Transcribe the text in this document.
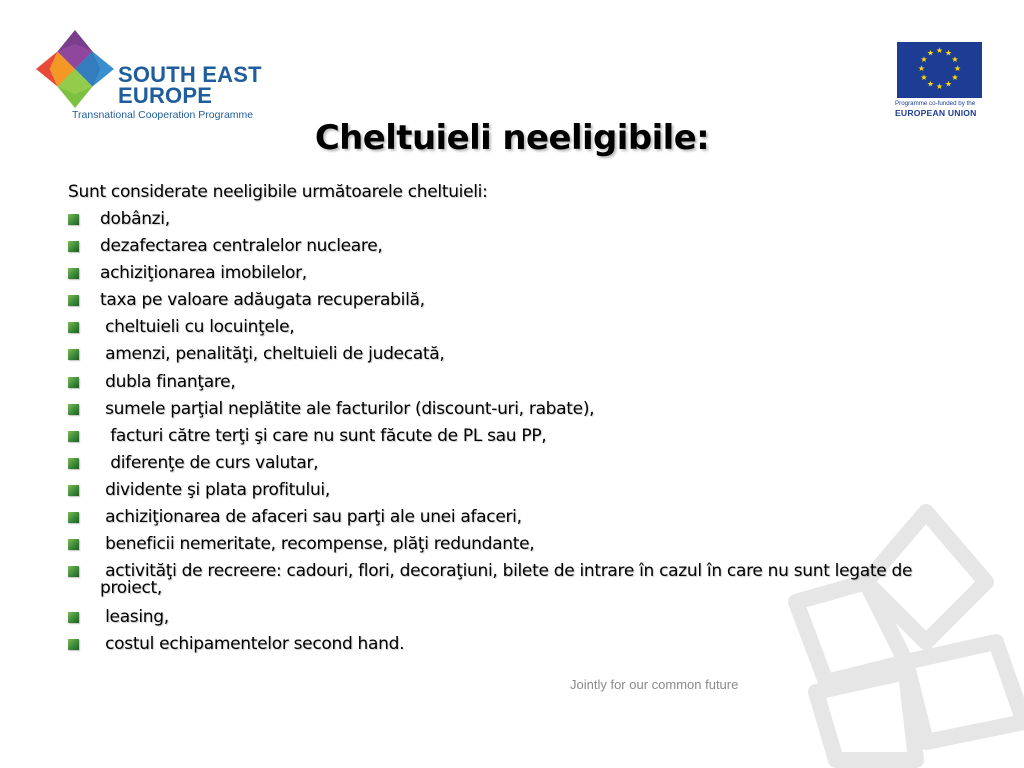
SOUTH EAST
EUROPE
Transnational Cooperation Programme
★ ★
★
★
★
★
★
★
★
★
★
★
Programme co-funded by the
EUROPEAN UNION
Cheltuieli neeligibile:
Sunt considerate neeligibile următoarele cheltuieli:
dobânzi,
dezafectarea centralelor nucleare,
achiziţionarea imobilelor,
taxa pe valoare adăugata recuperabilă,
cheltuieli cu locuinţele,
amenzi, penalităţi, cheltuieli de judecată,
dubla finanţare,
sumele parţial neplătite ale facturilor (discount-uri, rabate),
facturi către terţi şi care nu sunt făcute de PL sau PP,
diferenţe de curs valutar,
dividente şi plata profitului,
achiziţionarea de afaceri sau parţi ale unei afaceri,
beneficii nemeritate, recompense, plăţi redundante,
activităţi de recreere: cadouri, flori, decoraţiuni, bilete de intrare în cazul în care nu sunt legate de proiect,
leasing,
costul echipamentelor second hand.
Jointly for our common future
